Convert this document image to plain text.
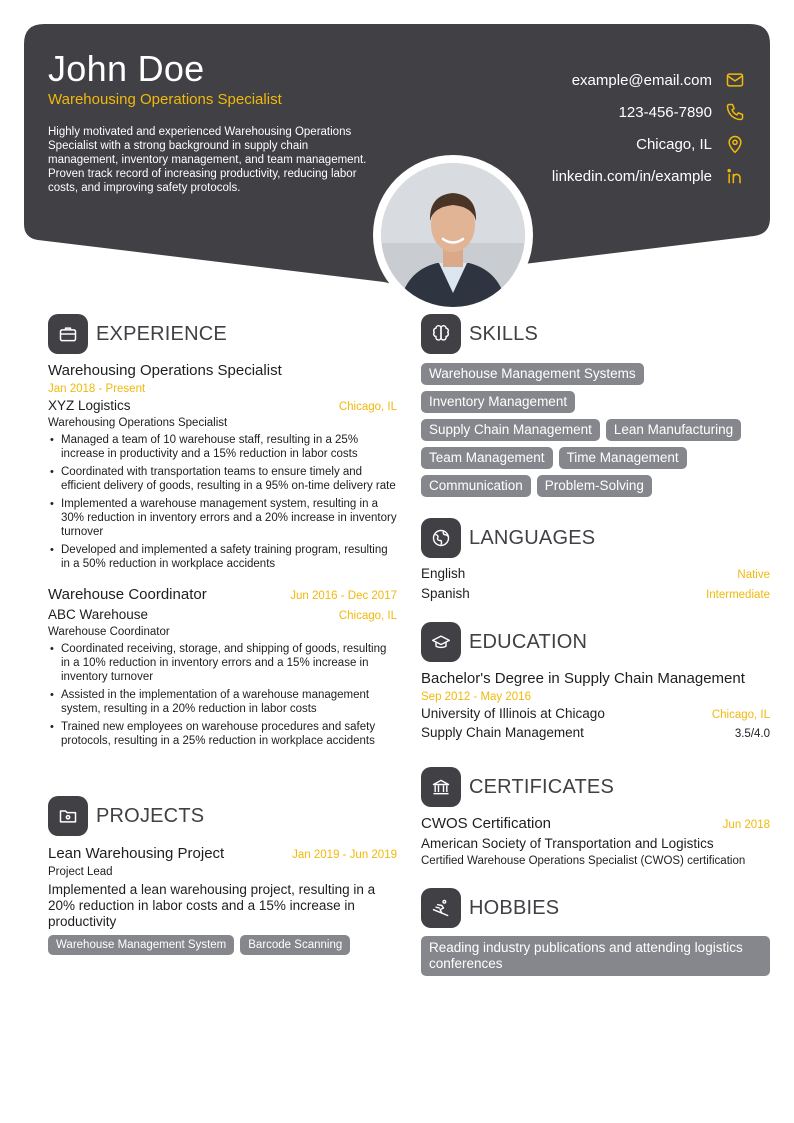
John Doe
Warehousing Operations Specialist
Highly motivated and experienced Warehousing Operations Specialist with a strong background in supply chain management, inventory management, and team management. Proven track record of increasing productivity, reducing labor costs, and improving safety protocols.
example@email.com
123-456-7890
Chicago, IL
linkedin.com/in/example
EXPERIENCE
Warehousing Operations Specialist
Jan 2018 - Present
XYZ Logistics	Chicago, IL
Warehousing Operations Specialist
• Managed a team of 10 warehouse staff, resulting in a 25% increase in productivity and a 15% reduction in labor costs
• Coordinated with transportation teams to ensure timely and efficient delivery of goods, resulting in a 95% on-time delivery rate
• Implemented a warehouse management system, resulting in a 30% reduction in inventory errors and a 20% increase in inventory turnover
• Developed and implemented a safety training program, resulting in a 50% reduction in workplace accidents
Warehouse Coordinator	Jun 2016 - Dec 2017
ABC Warehouse	Chicago, IL
Warehouse Coordinator
• Coordinated receiving, storage, and shipping of goods, resulting in a 10% reduction in inventory errors and a 15% increase in inventory turnover
• Assisted in the implementation of a warehouse management system, resulting in a 20% reduction in labor costs
• Trained new employees on warehouse procedures and safety protocols, resulting in a 25% reduction in workplace accidents
PROJECTS
Lean Warehousing Project	Jan 2019 - Jun 2019
Project Lead
Implemented a lean warehousing project, resulting in a 20% reduction in labor costs and a 15% increase in productivity
Warehouse Management System Barcode Scanning
SKILLS
Warehouse Management Systems
Inventory Management
Supply Chain Management Lean Manufacturing
Team Management Time Management
Communication Problem-Solving
LANGUAGES
English	Native
Spanish	Intermediate
EDUCATION
Bachelor's Degree in Supply Chain Management
Sep 2012 - May 2016
University of Illinois at Chicago	Chicago, IL
Supply Chain Management	3.5/4.0
CERTIFICATES
CWOS Certification	Jun 2018
American Society of Transportation and Logistics
Certified Warehouse Operations Specialist (CWOS) certification
HOBBIES
Reading industry publications and attending logistics conferences
